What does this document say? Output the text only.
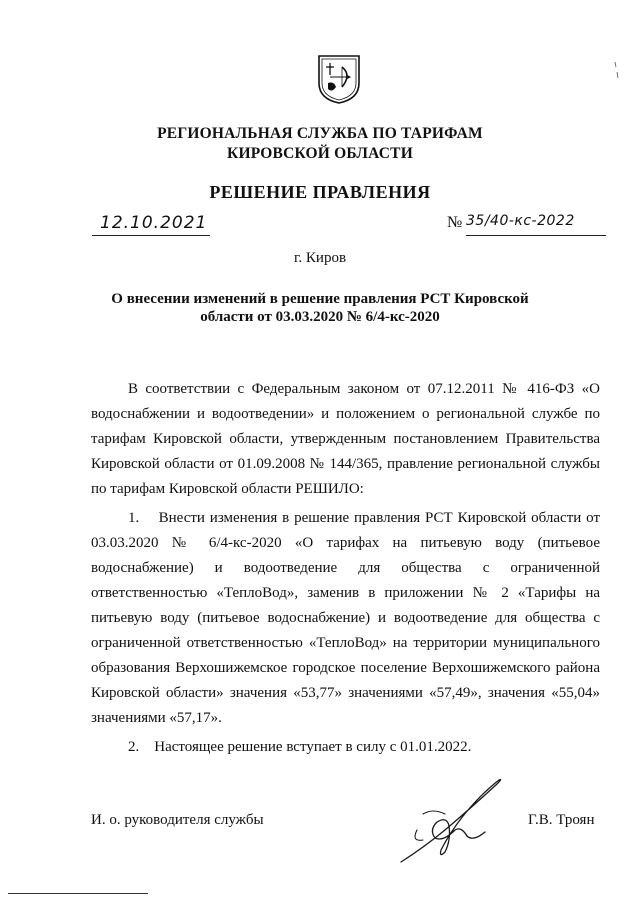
РЕГИОНАЛЬНАЯ СЛУЖБА ПО ТАРИФАМ
КИРОВСКОЙ ОБЛАСТИ
РЕШЕНИЕ ПРАВЛЕНИЯ
12.10.2021	№ 35/40-кс-2022
г. Киров
О внесении изменений в решение правления РСТ Кировской
области от 03.03.2020 № 6/4-кс-2020

В соответствии с Федеральным законом от 07.12.2011 № 416-ФЗ «О водоснабжении и водоотведении» и положением о региональной службе по тарифам Кировской области, утвержденным постановлением Правительства Кировской области от 01.09.2008 № 144/365, правление региональной службы по тарифам Кировской области РЕШИЛО:

1.    Внести изменения в решение правления РСТ Кировской области от 03.03.2020 № 6/4-кс-2020 «О тарифах на питьевую воду (питьевое водоснабжение) и водоотведение для общества с ограниченной ответственностью «ТеплоВод», заменив в приложении № 2 «Тарифы на питьевую воду (питьевое водоснабжение) и водоотведение для общества с ограниченной ответственностью «ТеплоВод» на территории муниципального образования Верхошижемское городское поселение Верхошижемского района Кировской области» значения «53,77» значениями «57,49», значения «55,04» значениями «57,17».

2.    Настоящее решение вступает в силу с 01.01.2022.

И. о. руководителя службы	Г.В. Троян
